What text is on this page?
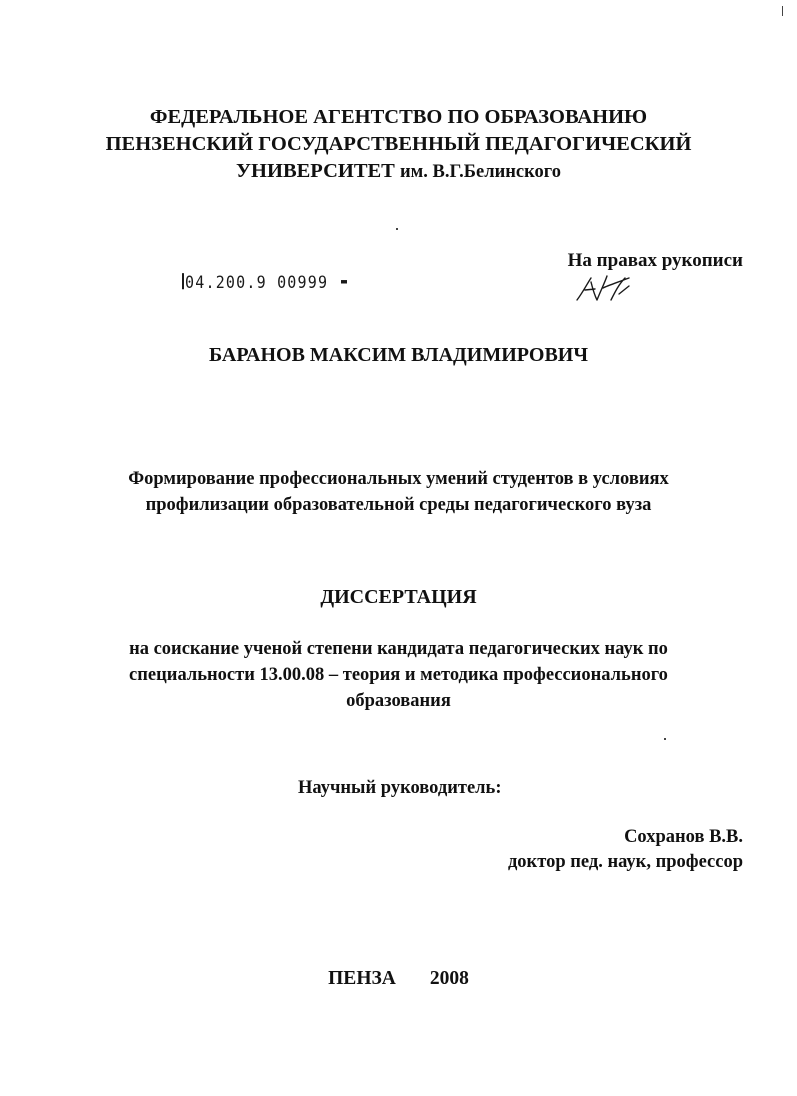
ФЕДЕРАЛЬНОЕ АГЕНТСТВО ПО ОБРАЗОВАНИЮ
ПЕНЗЕНСКИЙ ГОСУДАРСТВЕННЫЙ ПЕДАГОГИЧЕСКИЙ
УНИВЕРСИТЕТ им. В.Г.Белинского
На правах рукописи
04.200.9 00999
БАРАНОВ МАКСИМ ВЛАДИМИРОВИЧ
Формирование профессиональных умений студентов в условиях
профилизации образовательной среды педагогического вуза
ДИССЕРТАЦИЯ
на соискание ученой степени кандидата педагогических наук по
специальности 13.00.08 – теория и методика профессионального
образования
Научный руководитель:
Сохранов В.В.
доктор пед. наук, профессор
ПЕНЗА 2008
